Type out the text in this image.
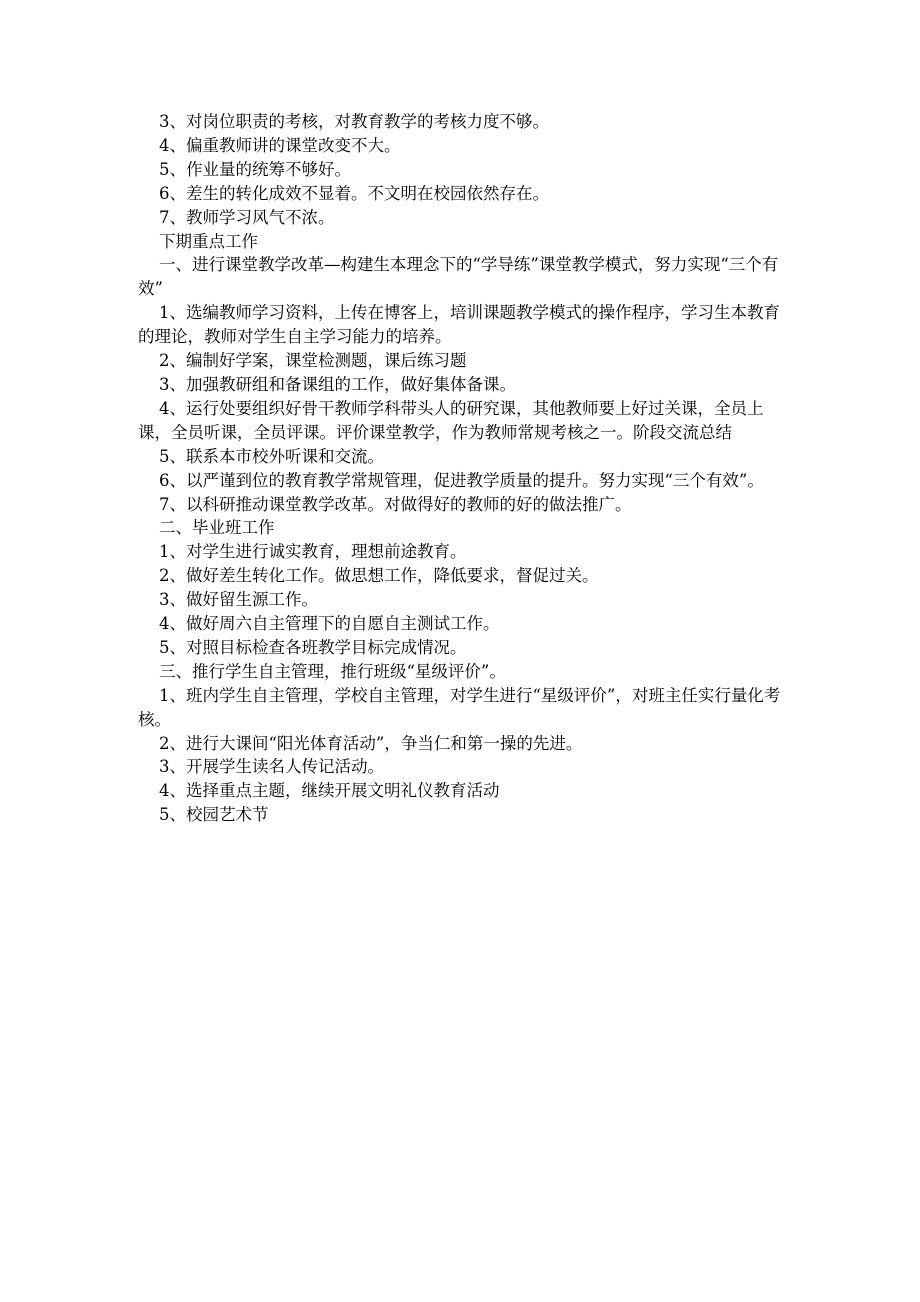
3、对岗位职责的考核，对教育教学的考核力度不够。

4、偏重教师讲的课堂改变不大。

5、作业量的统筹不够好。

6、差生的转化成效不显着。不文明在校园依然存在。

7、教师学习风气不浓。

下期重点工作

一、进行课堂教学改革—构建生本理念下的“学导练”课堂教学模式，努力实现“三个有效”

1、选编教师学习资料，上传在博客上，培训课题教学模式的操作程序，学习生本教育的理论，教师对学生自主学习能力的培养。

2、编制好学案，课堂检测题，课后练习题

3、加强教研组和备课组的工作，做好集体备课。

4、运行处要组织好骨干教师学科带头人的研究课，其他教师要上好过关课，全员上课，全员听课，全员评课。评价课堂教学，作为教师常规考核之一。阶段交流总结

5、联系本市校外听课和交流。

6、以严谨到位的教育教学常规管理，促进教学质量的提升。努力实现“三个有效”。

7、以科研推动课堂教学改革。对做得好的教师的好的做法推广。

二、毕业班工作

1、对学生进行诚实教育，理想前途教育。

2、做好差生转化工作。做思想工作，降低要求，督促过关。

3、做好留生源工作。

4、做好周六自主管理下的自愿自主测试工作。

5、对照目标检查各班教学目标完成情况。

三、推行学生自主管理，推行班级“星级评价”。

1、班内学生自主管理，学校自主管理，对学生进行“星级评价”，对班主任实行量化考核。

2、进行大课间“阳光体育活动”，争当仁和第一操的先进。

3、开展学生读名人传记活动。

4、选择重点主题，继续开展文明礼仪教育活动

5、校园艺术节
